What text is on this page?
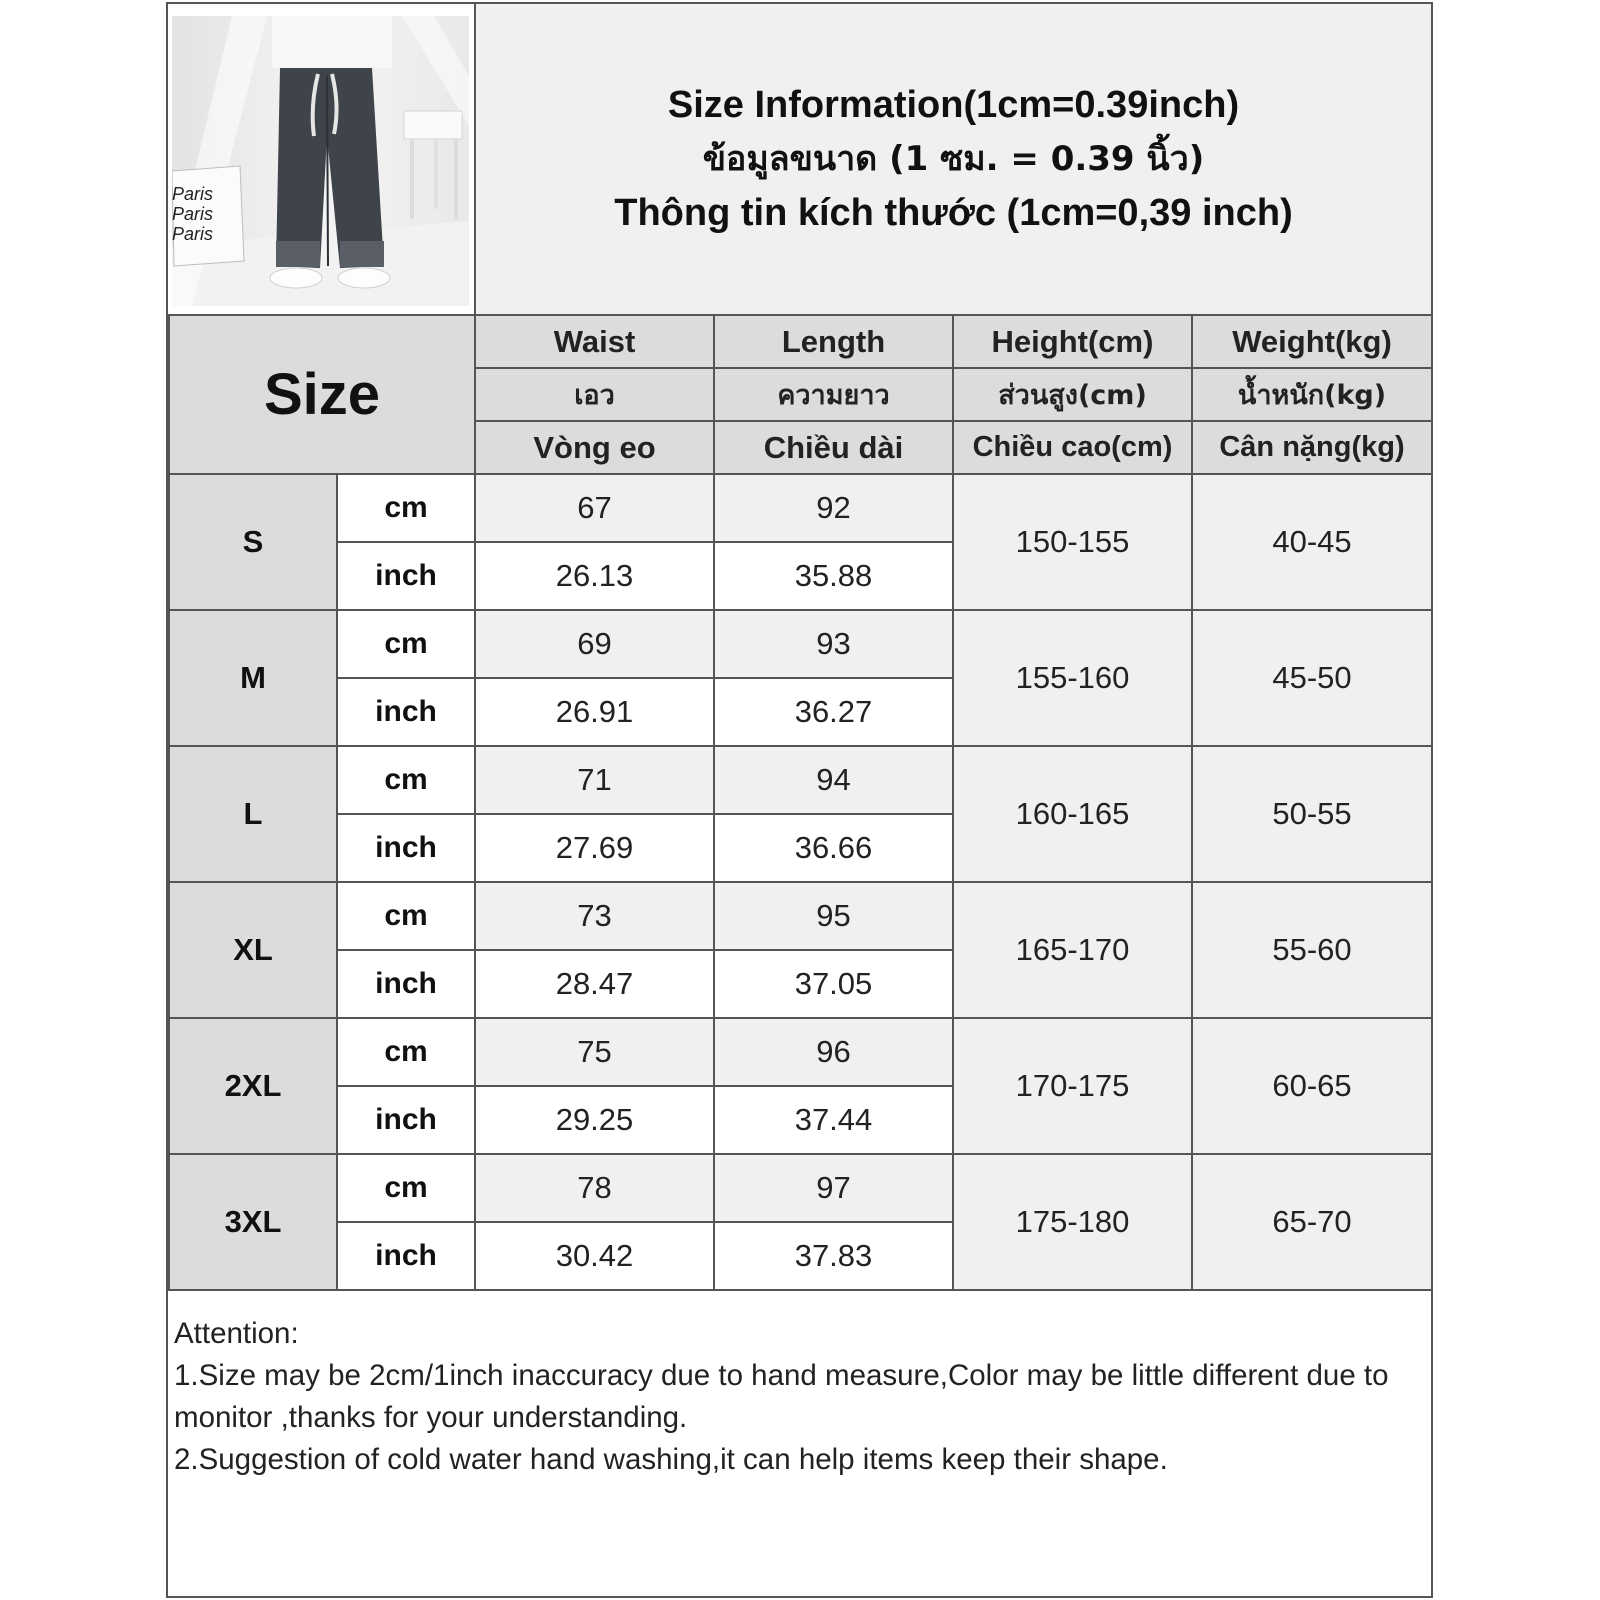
Paris
Paris
Paris
Size Information(1cm=0.39inch)
ข้อมูลขนาด (1 ซม. = 0.39 นิ้ว)
Thông tin kích thước (1cm=0,39 inch)
Size		Waist	Length	Height(cm)	Weight(kg)
		เอว	ความยาว	ส่วนสูง(cm)	น้ำหนัก(kg)
		Vòng eo	Chiều dài	Chiều cao(cm)	Cân nặng(kg)
S	cm	67	92	150-155	40-45
	inch	26.13	35.88		
M	cm	69	93	155-160	45-50
	inch	26.91	36.27		
L	cm	71	94	160-165	50-55
	inch	27.69	36.66		
XL	cm	73	95	165-170	55-60
	inch	28.47	37.05		
2XL	cm	75	96	170-175	60-65
	inch	29.25	37.44		
3XL	cm	78	97	175-180	65-70
	inch	30.42	37.83		

Attention:

1.Size may be 2cm/1inch inaccuracy due to hand measure,Color may be little different due to monitor ,thanks for your understanding.

2.Suggestion of cold water hand washing,it can help items keep their shape.
